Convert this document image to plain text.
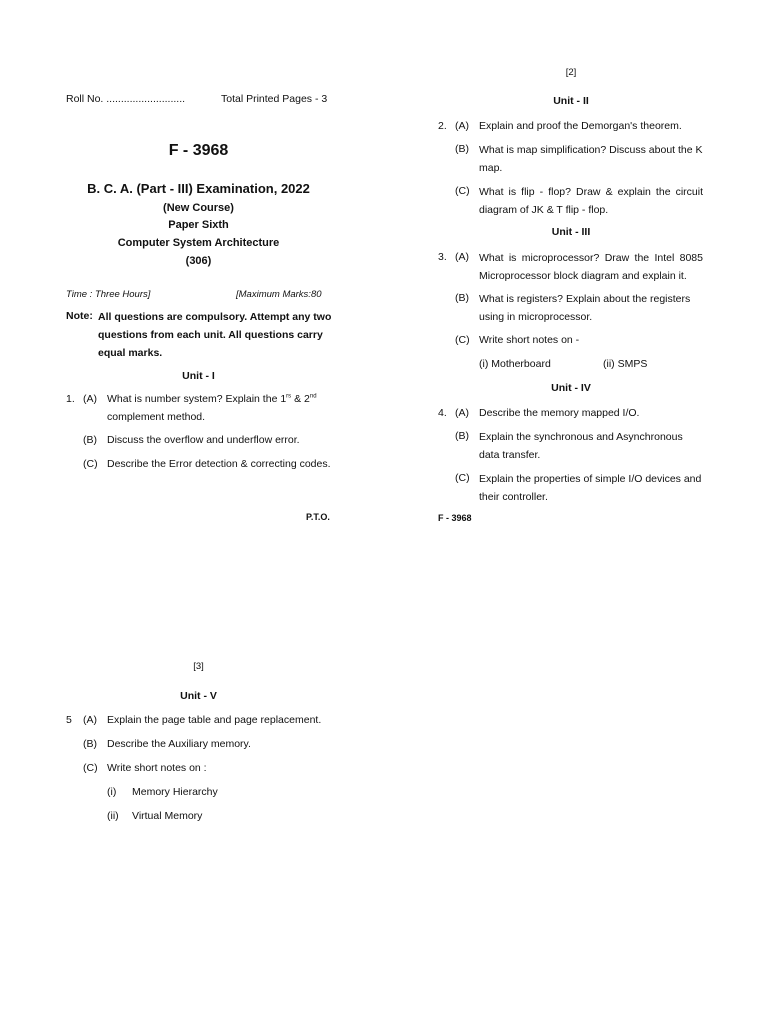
Roll No. ...........................	Total Printed Pages - 3
F - 3968
B. C. A. (Part - III) Examination, 2022
(New Course)
Paper Sixth
Computer System Architecture
(306)
Time : Three Hours]	[Maximum Marks:80
Note: All questions are compulsory. Attempt any two questions from each unit. All questions carry equal marks.
Unit - I
1. (A) What is number system? Explain the $1^{rs}$ & 2nd
complement method.
(B) Discuss the overflow and underflow error.
(C) Describe the Error detection & correcting codes.
P.T.O.
[2]
Unit - II
2. (A) Explain and proof the Demorgan's theorem.
(B) What is map simplification? Discuss about the K map.
(C) What is flip - flop? Draw & explain the circuit diagram of JK & T flip - flop.
Unit - III
3. (A) What is microprocessor? Draw the Intel 8085 Microprocessor block diagram and explain it.
(B) What is registers? Explain about the registers using in microprocessor.
(C) Write short notes on -
(i) Motherboard	(ii) SMPS
Unit - IV
4. (A) Describe the memory mapped I/O.
(B) Explain the synchronous and Asynchronous data transfer.
(C) Explain the properties of simple I/O devices and their controller.
F - 3968
[3]
Unit - V
5 (A) Explain the page table and page replacement.
(B) Describe the Auxiliary memory.
(C) Write short notes on :
(i) Memory Hierarchy
(ii) Virtual Memory
